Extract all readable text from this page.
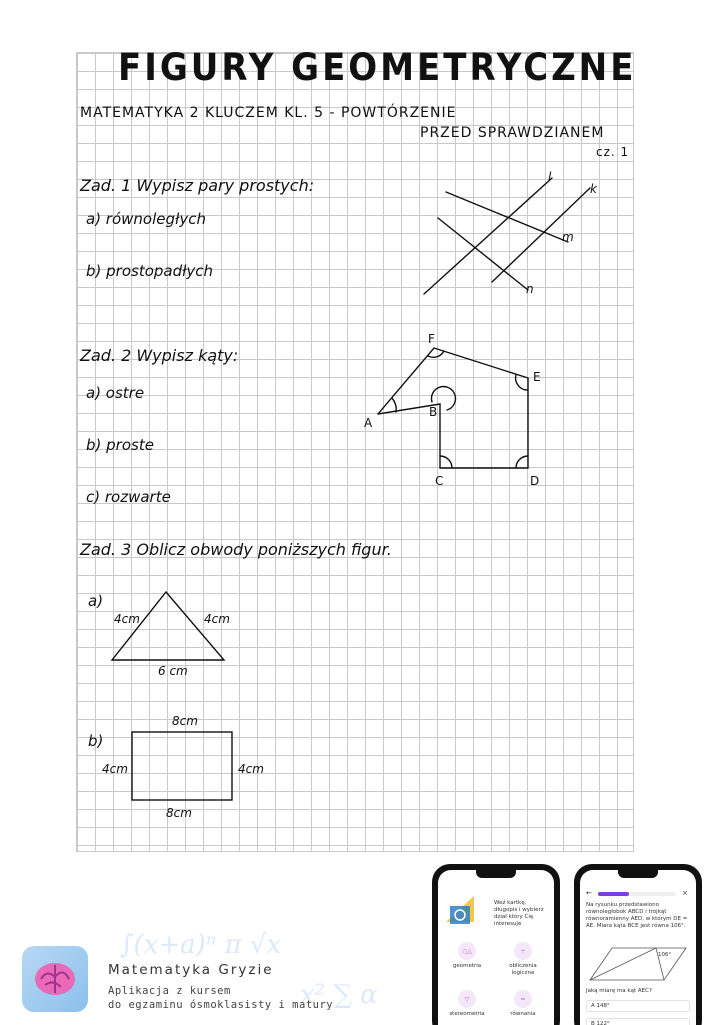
FIGURY GEOMETRYCZNE
MATEMATYKA 2 KLUCZEM KL. 5 - POWTÓRZENIE
PRZED SPRAWDZIANEM
cz. 1
Zad. 1 Wypisz pary prostych:
a) równoległych
b) prostopadłych
Zad. 2 Wypisz kąty:
a) ostre
b) proste
c) rozwarte
Zad. 3 Oblicz obwody poniższych figur.
a)
b)
l
k
m
n
F
E
A
B
C	D
4cm	4cm
6 cm
8cm
8cm
4cm	4cm
∫(x+a)ⁿ π √x
x² ∑ α
Matematyka Gryzie
Aplikacja z kursem
do egzaminu ósmoklasisty i matury
Weź kartkę, długopis i wybierz dział który Cię interesuje
○△
geometria
÷
obliczenia logiczne
▽
stereometria
=
równania
←	×
Na rysunku przedstawiono równoległobok ABCD i trójkąt równoramienny AED, w którym DE = AE. Miara kąta BCE jest równa 106°.
106°
Jaką miarę ma kąt AEC?
A 148°
B 122°
